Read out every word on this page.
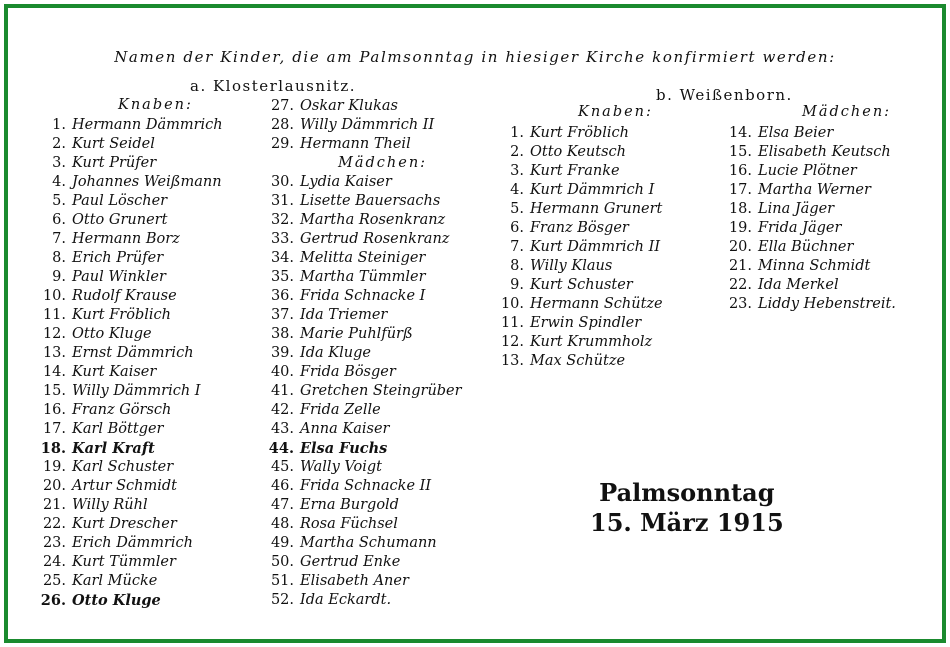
Namen der Kinder, die am Palmsonntag in hiesiger Kirche konfirmiert werden:
a. Klosterlausnitz.
Knaben:
1. Hermann Dämmrich
2. Kurt Seidel
3. Kurt Prüfer
4. Johannes Weißmann
5. Paul Löscher
6. Otto Grunert
7. Hermann Borz
8. Erich Prüfer
9. Paul Winkler
10. Rudolf Krause
11. Kurt Fröblich
12. Otto Kluge
13. Ernst Dämmrich
14. Kurt Kaiser
15. Willy Dämmrich I
16. Franz Görsch
17. Karl Böttger
18. Karl Kraft
19. Karl Schuster
20. Artur Schmidt
21. Willy Rühl
22. Kurt Drescher
23. Erich Dämmrich
24. Kurt Tümmler
25. Karl Mücke
26. Otto Kluge
27. Oskar Klukas
28. Willy Dämmrich II
29. Hermann Theil
Mädchen:
30. Lydia Kaiser
31. Lisette Bauersachs
32. Martha Rosenkranz
33. Gertrud Rosenkranz
34. Melitta Steiniger
35. Martha Tümmler
36. Frida Schnacke I
37. Ida Triemer
38. Marie Puhlfürß
39. Ida Kluge
40. Frida Bösger
41. Gretchen Steingrüber
42. Frida Zelle
43. Anna Kaiser
44. Elsa Fuchs
45. Wally Voigt
46. Frida Schnacke II
47. Erna Burgold
48. Rosa Füchsel
49. Martha Schumann
50. Gertrud Enke
51. Elisabeth Aner
52. Ida Eckardt.
b. Weißenborn.
Knaben:	Mädchen:
1. Kurt Fröblich
2. Otto Keutsch
3. Kurt Franke
4. Kurt Dämmrich I
5. Hermann Grunert
6. Franz Bösger
7. Kurt Dämmrich II
8. Willy Klaus
9. Kurt Schuster
10. Hermann Schütze
11. Erwin Spindler
12. Kurt Krummholz
13. Max Schütze
14. Elsa Beier
15. Elisabeth Keutsch
16. Lucie Plötner
17. Martha Werner
18. Lina Jäger
19. Frida Jäger
20. Ella Büchner
21. Minna Schmidt
22. Ida Merkel
23. Liddy Hebenstreit.
Palmsonntag
15. März 1915
